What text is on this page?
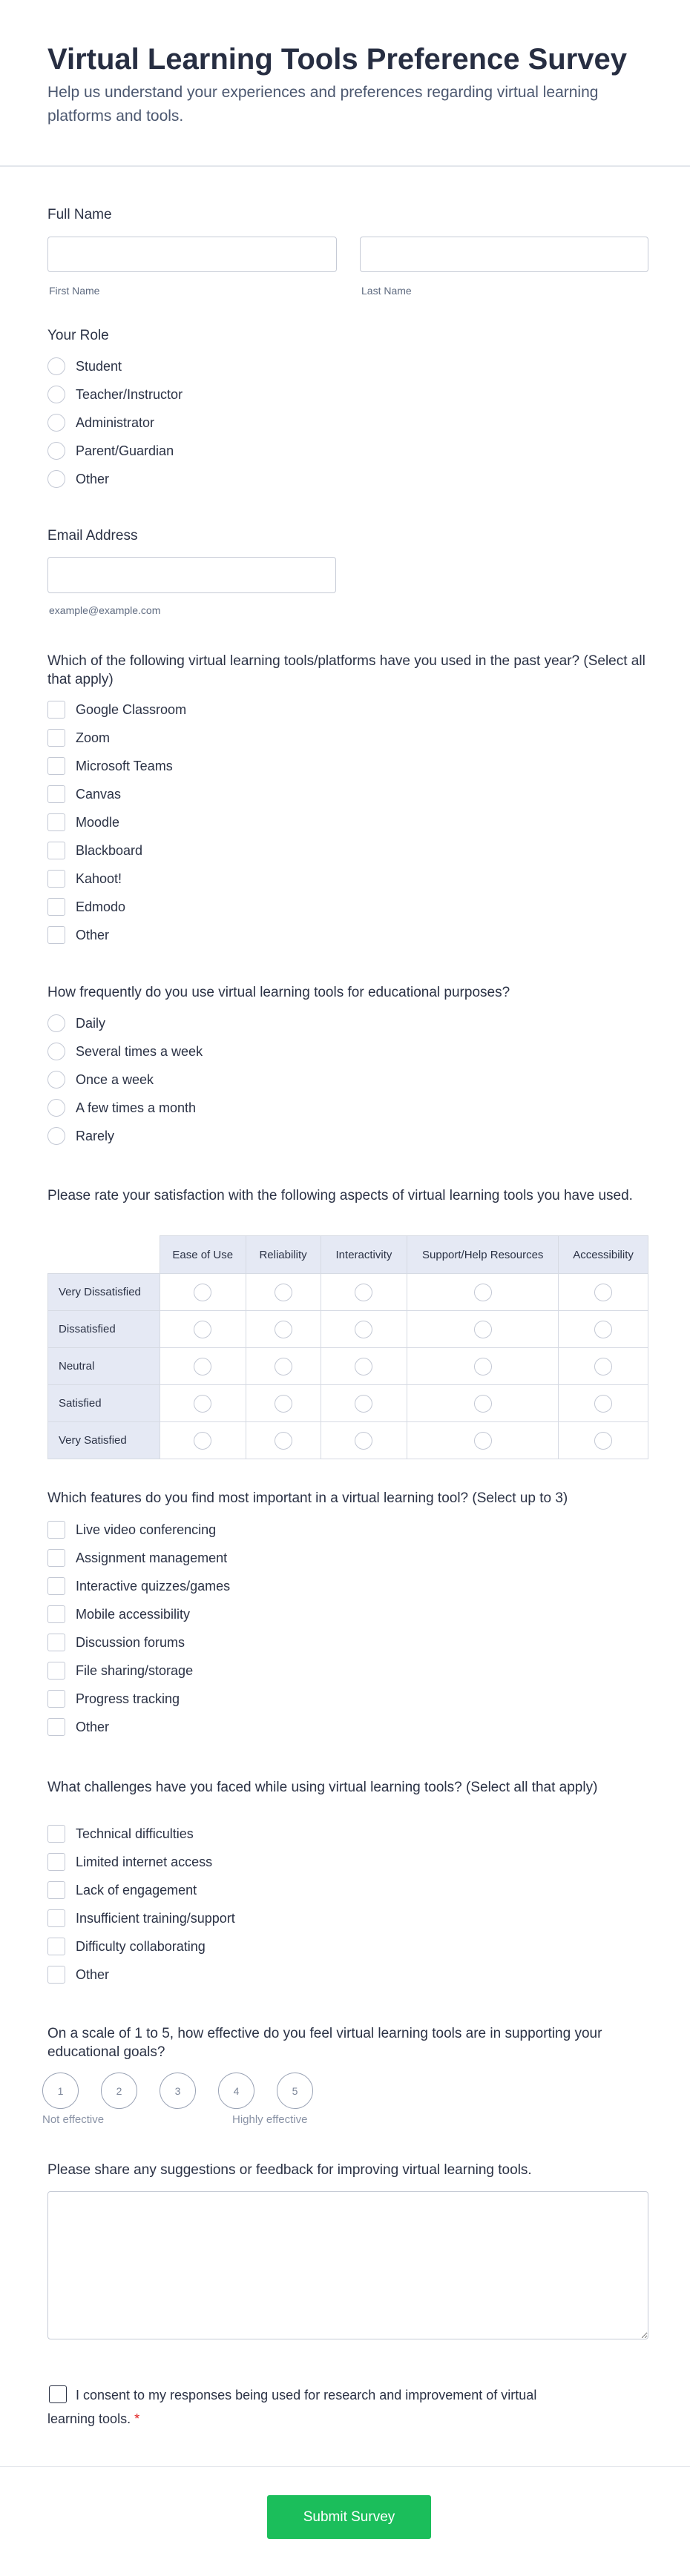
Virtual Learning Tools Preference Survey

Help us understand your experiences and preferences regarding virtual learning platforms and tools.

Full Name
First Name	Last Name
Your Role
Student
Teacher/Instructor
Administrator
Parent/Guardian
Other
Email Address
example@example.com
Which of the following virtual learning tools/platforms have you used in the past year? (Select all that apply)
Google Classroom
Zoom
Microsoft Teams
Canvas
Moodle
Blackboard
Kahoot!
Edmodo
Other
How frequently do you use virtual learning tools for educational purposes?
Daily
Several times a week
Once a week
A few times a month
Rarely
Please rate your satisfaction with the following aspects of virtual learning tools you have used.
	Ease of Use	Reliability	Interactivity	Support/Help Resources	Accessibility
Very Dissatisfied	

Dissatisfied	

Neutral	

Satisfied	

Very Satisfied	

Which features do you find most important in a virtual learning tool? (Select up to 3)
Live video conferencing
Assignment management
Interactive quizzes/games
Mobile accessibility
Discussion forums
File sharing/storage
Progress tracking
Other
What challenges have you faced while using virtual learning tools? (Select all that apply)
Technical difficulties
Limited internet access
Lack of engagement
Insufficient training/support
Difficulty collaborating
Other
On a scale of 1 to 5, how effective do you feel virtual learning tools are in supporting your educational goals?
1	2	3	4	5
Not effective	Highly effective
Please share any suggestions or feedback for improving virtual learning tools.
I consent to my responses being used for research and improvement of virtual learning tools. *
Submit Survey
